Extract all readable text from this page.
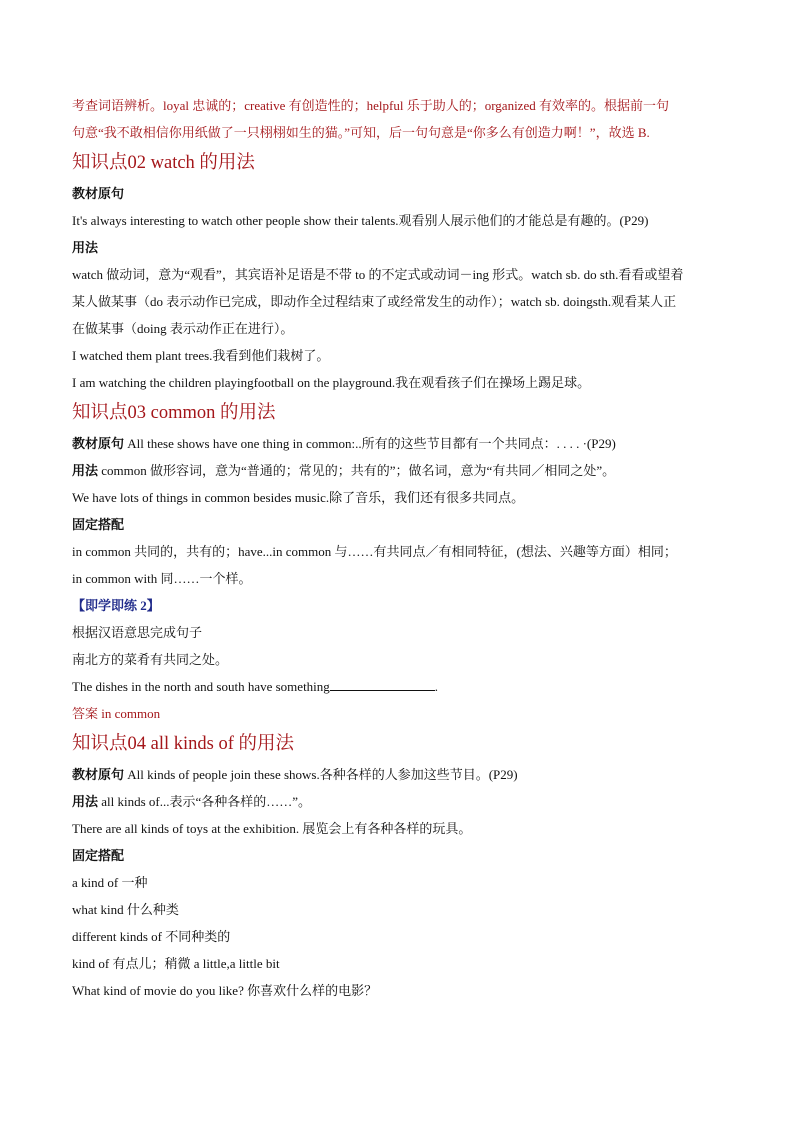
考查词语辨析。loyal 忠诚的；creative 有创造性的；helpful 乐于助人的；organized 有效率的。根据前一句
句意“我不敢相信你用纸做了一只栩栩如生的猫。”可知，后一句句意是“你多么有创造力啊！”，故选 B.
知识点02 watch 的用法
教材原句
It's always interesting to watch other people show their talents.观看别人展示他们的才能总是有趣的。(P29)
用法
watch 做动词，意为“观看”，其宾语补足语是不带 to 的不定式或动词－ing 形式。watch sb. do sth.看看或望着
某人做某事（do 表示动作已完成，即动作全过程结束了或经常发生的动作）；watch sb. doingsth.观看某人正
在做某事（doing 表示动作正在进行）。
I watched them plant trees.我看到他们栽树了。
I am watching the children playingfootball on the playground.我在观看孩子们在操场上踢足球。
知识点03 common 的用法
教材原句 All these shows have one thing in common:..所有的这些节目都有一个共同点：. . . . ·(P29)
用法 common 做形容词，意为“普通的；常见的；共有的”；做名词，意为“有共同／相同之处”。
We have lots of things in common besides music.除了音乐，我们还有很多共同点。
固定搭配
in common 共同的，共有的；have...in common 与……有共同点／有相同特征，(想法、兴趣等方面）相同；
in common with 同……一个样。
【即学即练 2】
根据汉语意思完成句子
南北方的菜肴有共同之处。
The dishes in the north and south have something	.
答案 in common
知识点04 all kinds of 的用法
教材原句 All kinds of people join these shows.各种各样的人参加这些节目。(P29)
用法 all kinds of...表示“各种各样的……”。
There are all kinds of toys at the exhibition. 展览会上有各种各样的玩具。
固定搭配
a kind of 一种
what kind 什么种类
different kinds of 不同种类的
kind of 有点儿；稍微 a little,a little bit
What kind of movie do you like? 你喜欢什么样的电影？
